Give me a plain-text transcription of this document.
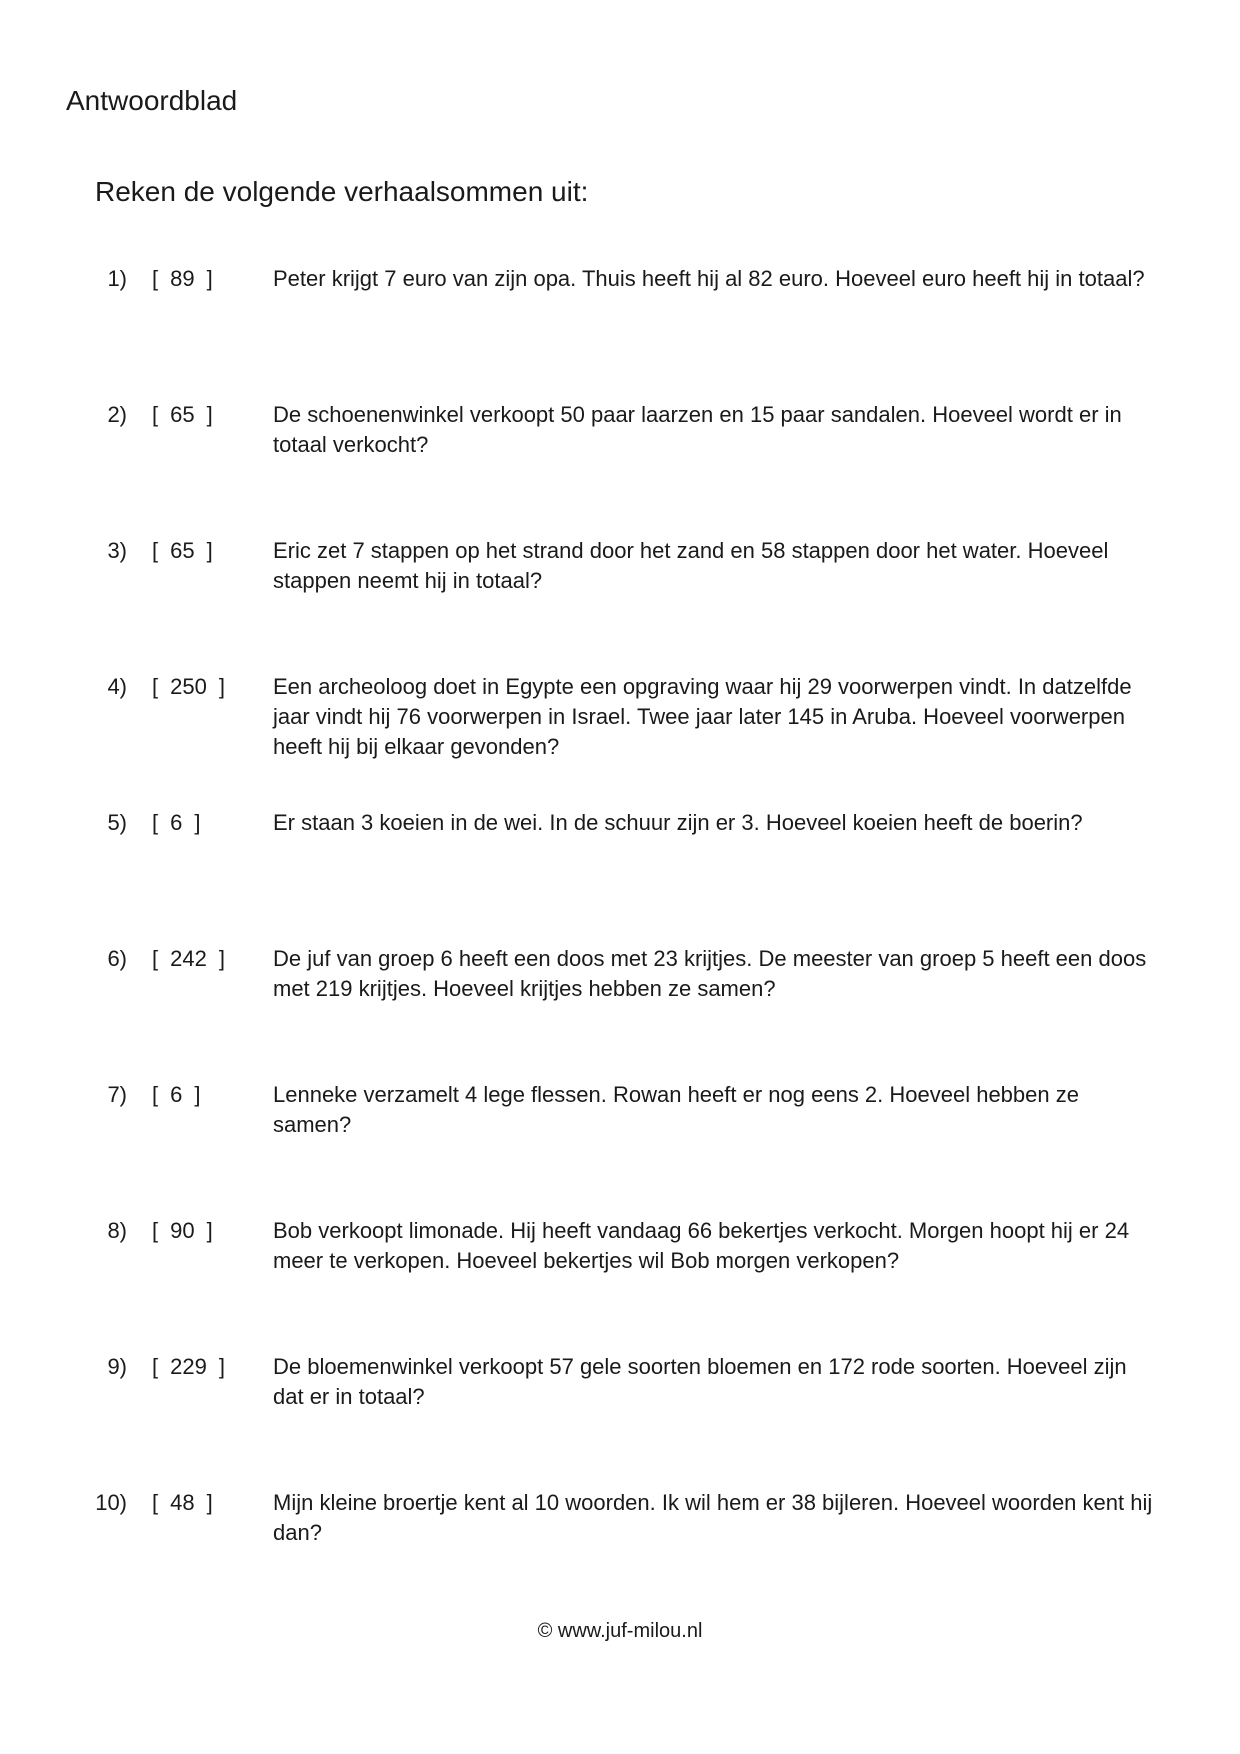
Antwoordblad
Reken de volgende verhaalsommen uit:
1) [ 89 ]	Peter krijgt 7 euro van zijn opa. Thuis heeft hij al 82 euro. Hoeveel euro heeft hij in totaal?
2) [ 65 ]	De schoenenwinkel verkoopt 50 paar laarzen en 15 paar sandalen. Hoeveel wordt er in totaal verkocht?
3) [ 65 ]	Eric zet 7 stappen op het strand door het zand en 58 stappen door het water. Hoeveel stappen neemt hij in totaal?
4) [ 250 ] Een archeoloog doet in Egypte een opgraving waar hij 29 voorwerpen vindt. In datzelfde jaar vindt hij 76 voorwerpen in Israel. Twee jaar later 145 in Aruba. Hoeveel voorwerpen heeft hij bij elkaar gevonden?
5) [ 6 ]	Er staan 3 koeien in de wei. In de schuur zijn er 3. Hoeveel koeien heeft de boerin?
6) [ 242 ] De juf van groep 6 heeft een doos met 23 krijtjes. De meester van groep 5 heeft een doos met 219 krijtjes. Hoeveel krijtjes hebben ze samen?
7) [ 6 ]	Lenneke verzamelt 4 lege flessen. Rowan heeft er nog eens 2. Hoeveel hebben ze samen?
8) [ 90 ]	Bob verkoopt limonade. Hij heeft vandaag 66 bekertjes verkocht. Morgen hoopt hij er 24 meer te verkopen. Hoeveel bekertjes wil Bob morgen verkopen?
9) [ 229 ] De bloemenwinkel verkoopt 57 gele soorten bloemen en 172 rode soorten. Hoeveel zijn dat er in totaal?
10) [ 48 ]	Mijn kleine broertje kent al 10 woorden. Ik wil hem er 38 bijleren. Hoeveel woorden kent hij dan?
© www.juf-milou.nl
